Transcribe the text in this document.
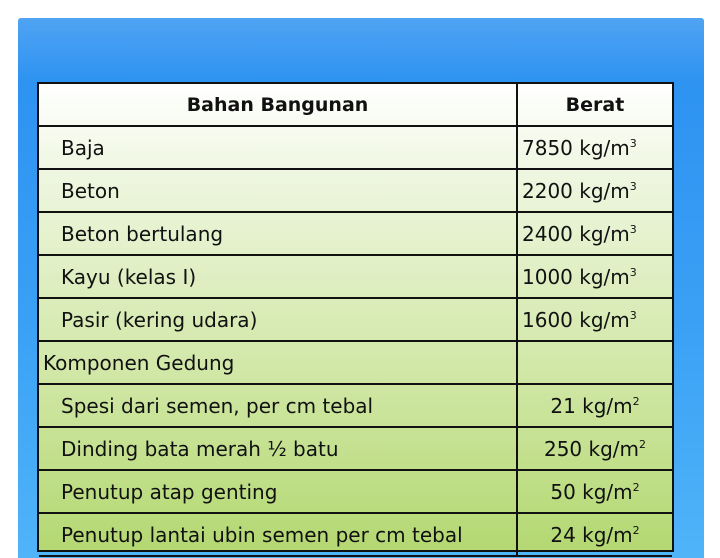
Bahan Bangunan	Berat
Baja	7850 $kg/m^3$
Beton	2200 $kg/m^3$
Beton bertulang	2400 $kg/m^3$
Kayu (kelas I)	1000 $kg/m^3$
Pasir (kering udara)	1600 $kg/m^3$
Komponen Gedung	
Spesi dari semen, per cm tebal	21 $kg/m^2$
Dinding bata merah ½ batu	250 $kg/m^2$
Penutup atap genting	50 $kg/m^2$
Penutup lantai ubin semen per cm tebal	24 $kg/m^2$
